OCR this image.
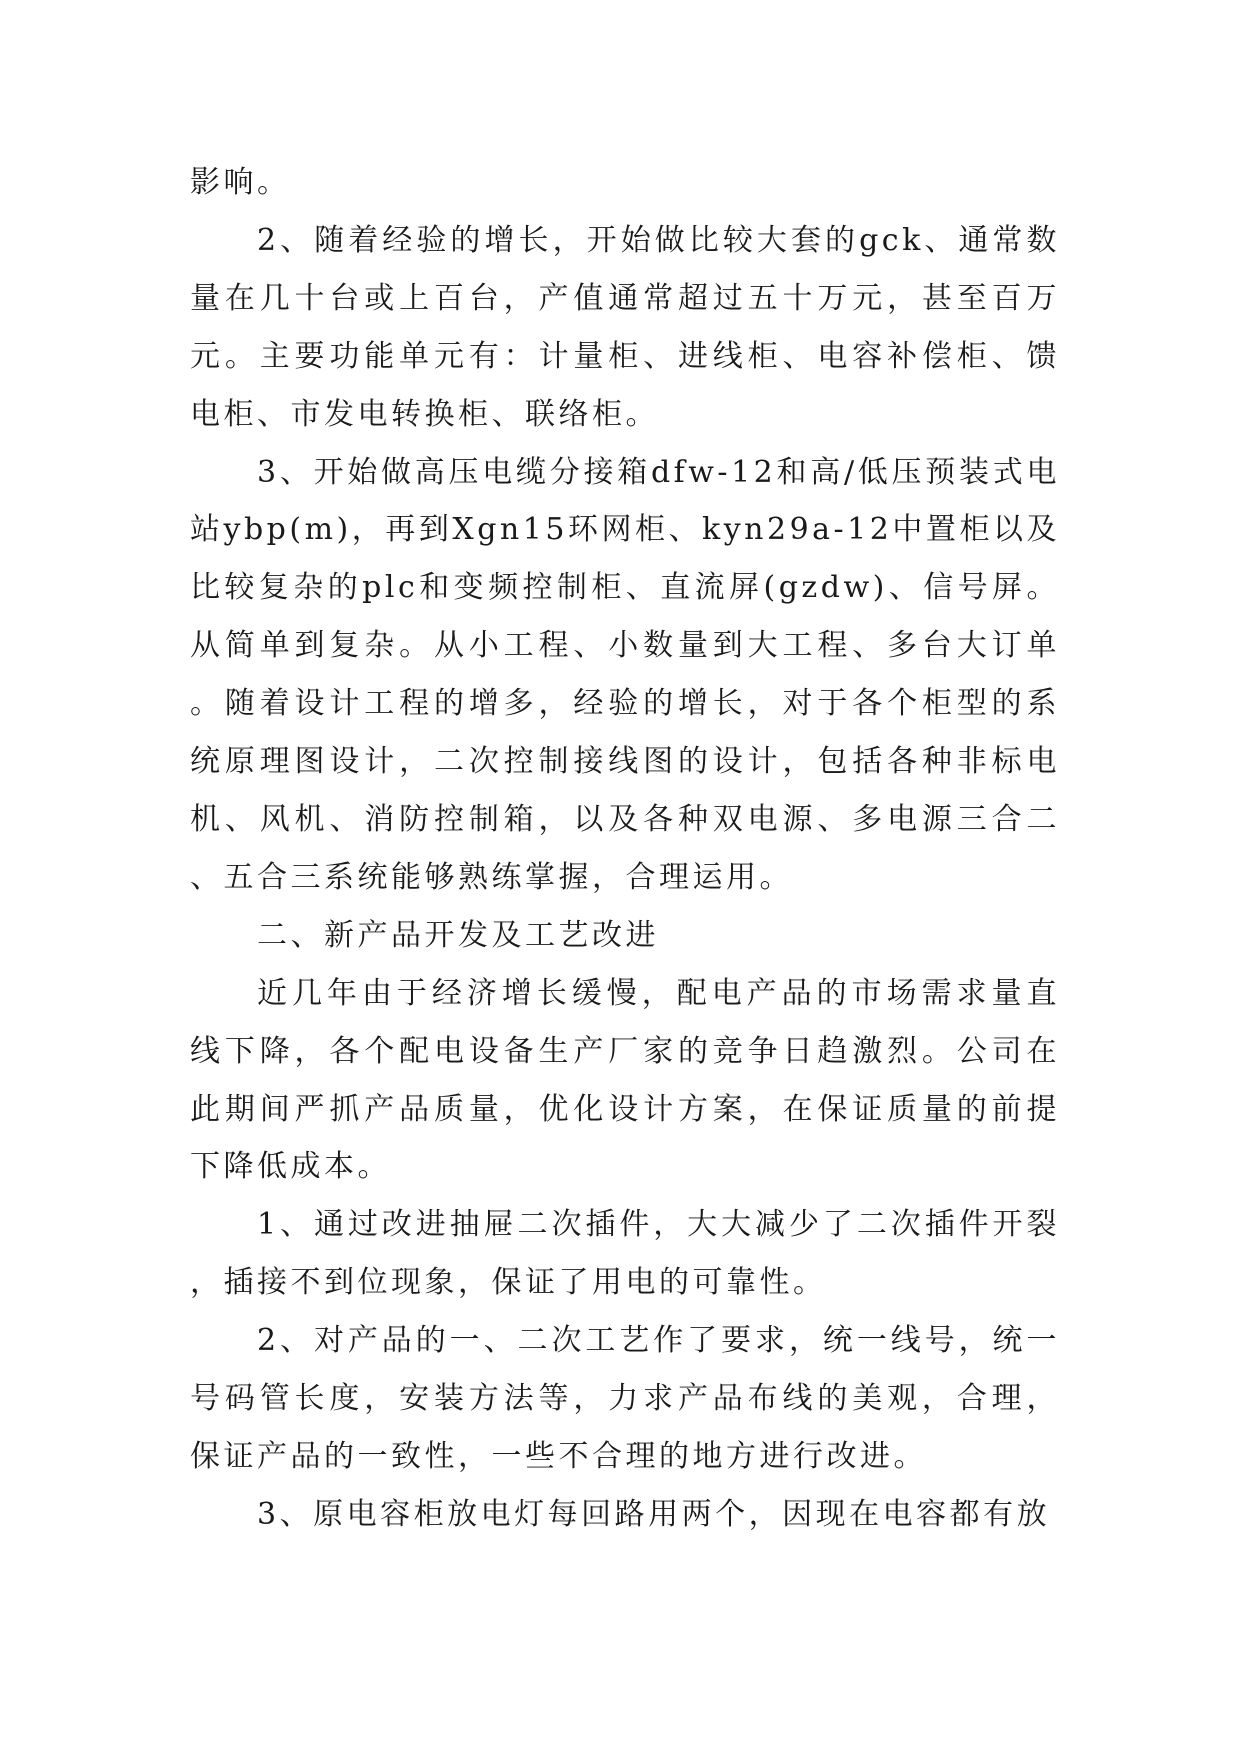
影响。

2、随着经验的增长，开始做比较大套的gck、通常数量在几十台或上百台，产值通常超过五十万元，甚至百万元。主要功能单元有：计量柜、进线柜、电容补偿柜、馈电柜、市发电转换柜、联络柜。

3、开始做高压电缆分接箱dfw-12和高/低压预装式电站ybp(m)，再到Xgn15环网柜、kyn29a-12中置柜以及比较复杂的plc和变频控制柜、直流屏(gzdw)、信号屏。从简单到复杂。从小工程、小数量到大工程、多台大订单。随着设计工程的增多，经验的增长，对于各个柜型的系统原理图设计，二次控制接线图的设计，包括各种非标电机、风机、消防控制箱，以及各种双电源、多电源三合二、五合三系统能够熟练掌握，合理运用。

二、新产品开发及工艺改进

近几年由于经济增长缓慢，配电产品的市场需求量直线下降，各个配电设备生产厂家的竞争日趋激烈。公司在此期间严抓产品质量，优化设计方案，在保证质量的前提下降低成本。

1、通过改进抽屉二次插件，大大减少了二次插件开裂，插接不到位现象，保证了用电的可靠性。

2、对产品的一、二次工艺作了要求，统一线号，统一号码管长度，安装方法等，力求产品布线的美观，合理，保证产品的一致性，一些不合理的地方进行改进。

3、原电容柜放电灯每回路用两个，因现在电容都有放
